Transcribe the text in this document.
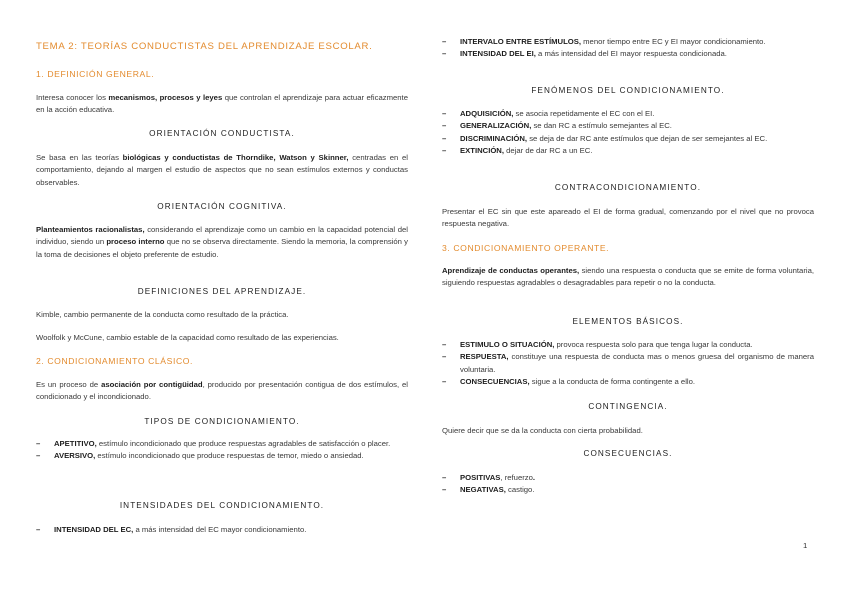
TEMA 2: TEORÍAS CONDUCTISTAS DEL APRENDIZAJE ESCOLAR.
1. DEFINICIÓN GENERAL.
Interesa conocer los mecanismos, procesos y leyes que controlan el aprendizaje para actuar eficazmente en la acción educativa.
ORIENTACIÓN CONDUCTISTA.
Se basa en las teorías biológicas y conductistas de Thorndike, Watson y Skinner, centradas en el comportamiento, dejando al margen el estudio de aspectos que no sean estímulos externos y conductas observables.
ORIENTACIÓN COGNITIVA.
Planteamientos racionalistas, considerando el aprendizaje como un cambio en la capacidad potencial del individuo, siendo un proceso interno que no se observa directamente. Siendo la memoria, la comprensión y la toma de decisiones el objeto preferente de estudio.
DEFINICIONES DEL APRENDIZAJE.
Kimble, cambio permanente de la conducta como resultado de la práctica.
Woolfolk y McCune, cambio estable de la capacidad como resultado de las experiencias.
2. CONDICIONAMIENTO CLÁSICO.
Es un proceso de asociación por contigüidad, producido por presentación contigua de dos estímulos, el condicionado y el incondicionado.
TIPOS DE CONDICIONAMIENTO.
– APETITIVO, estímulo incondicionado que produce respuestas agradables de satisfacción o placer.
– AVERSIVO, estímulo incondicionado que produce respuestas de temor, miedo o ansiedad.
INTENSIDADES DEL CONDICIONAMIENTO.
– INTENSIDAD DEL EC, a más intensidad del EC mayor condicionamiento.
– INTERVALO ENTRE ESTÍMULOS, menor tiempo entre EC y EI mayor condicionamiento.
– INTENSIDAD DEL EI, a más intensidad del EI mayor respuesta condicionada.
FENÓMENOS DEL CONDICIONAMIENTO.
– ADQUISICIÓN, se asocia repetidamente el EC con el EI.
– GENERALIZACIÓN, se dan RC a estímulo semejantes al EC.
– DISCRIMINACIÓN, se deja de dar RC ante estímulos que dejan de ser semejantes al EC.
– EXTINCIÓN, dejar de dar RC a un EC.
CONTRACONDICIONAMIENTO.
Presentar el EC sin que este apareado el EI de forma gradual, comenzando por el nivel que no provoca respuesta negativa.
3. CONDICIONAMIENTO OPERANTE.
Aprendizaje de conductas operantes, siendo una respuesta o conducta que se emite de forma voluntaria, siguiendo respuestas agradables o desagradables para repetir o no la conducta.
ELEMENTOS BÁSICOS.
– ESTIMULO O SITUACIÓN, provoca respuesta solo para que tenga lugar la conducta.
– RESPUESTA, constituye una respuesta de conducta mas o menos gruesa del organismo de manera voluntaria.
– CONSECUENCIAS, sigue a la conducta de forma contingente a ello.
CONTINGENCIA.
Quiere decir que se da la conducta con cierta probabilidad.
CONSECUENCIAS.
– POSITIVAS, refuerzo.
– NEGATIVAS, castigo.
1
